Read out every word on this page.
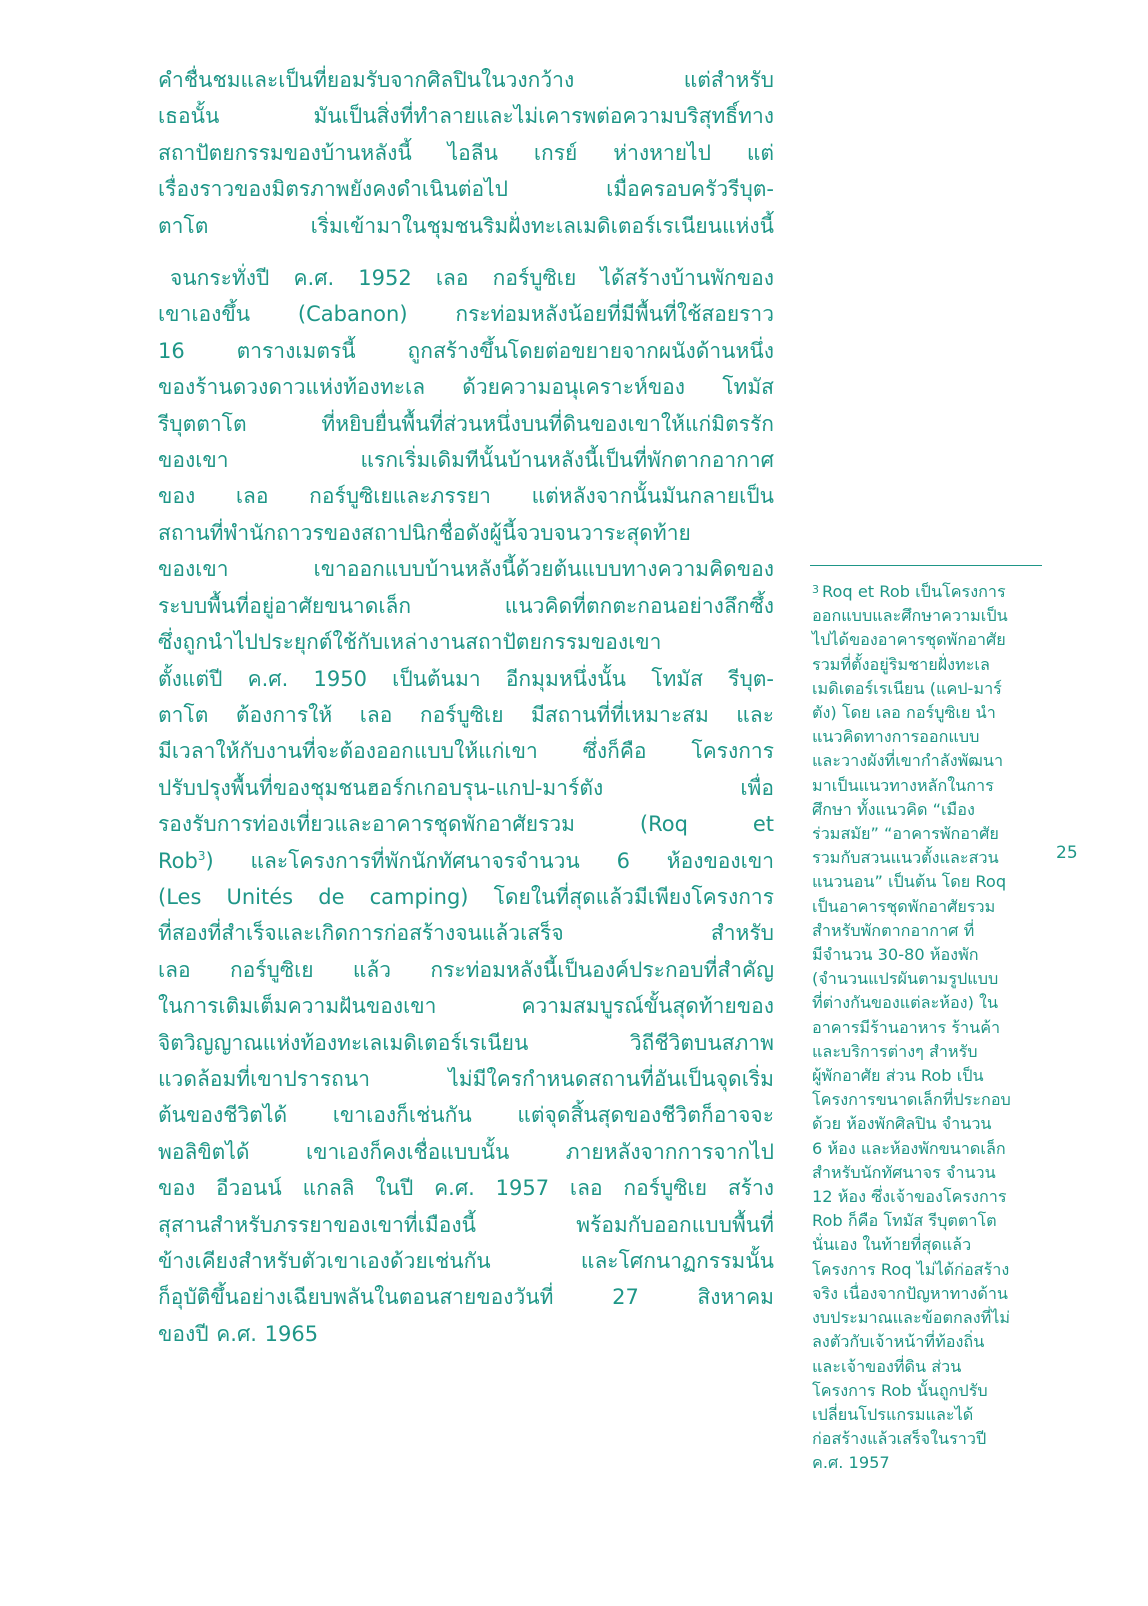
คำชื่นชมและเป็นที่ยอมรับจากศิลปินในวงกว้าง แต่สำหรับ
เธอนั้น มันเป็นสิ่งที่ทำลายและไม่เคารพต่อความบริสุทธิ์ทาง
สถาปัตยกรรมของบ้านหลังนี้ ไอลีน เกรย์ ห่างหายไป แต่
เรื่องราวของมิตรภาพยังคงดำเนินต่อไป เมื่อครอบครัวรีบุต-
ตาโต เริ่มเข้ามาในชุมชนริมฝั่งทะเลเมดิเตอร์เรเนียนแห่งนี้

จนกระทั่งปี ค.ศ. 1952 เลอ กอร์บูซิเย ได้สร้างบ้านพักของ
เขาเองขึ้น (Cabanon) กระท่อมหลังน้อยที่มีพื้นที่ใช้สอยราว
16 ตารางเมตรนี้ ถูกสร้างขึ้นโดยต่อขยายจากผนังด้านหนึ่ง
ของร้านดวงดาวแห่งท้องทะเล ด้วยความอนุเคราะห์ของ โทมัส
รีบุตตาโต ที่หยิบยื่นพื้นที่ส่วนหนึ่งบนที่ดินของเขาให้แก่มิตรรัก
ของเขา แรกเริ่มเดิมทีนั้นบ้านหลังนี้เป็นที่พักตากอากาศ
ของ เลอ กอร์บูซิเยและภรรยา แต่หลังจากนั้นมันกลายเป็น
สถานที่พำนักถาวรของสถาปนิกชื่อดังผู้นี้จวบจนวาระสุดท้าย
ของเขา เขาออกแบบบ้านหลังนี้ด้วยต้นแบบทางความคิดของ
ระบบพื้นที่อยู่อาศัยขนาดเล็ก แนวคิดที่ตกตะกอนอย่างลึกซึ้ง
ซึ่งถูกนำไปประยุกต์ใช้กับเหล่างานสถาปัตยกรรมของเขา
ตั้งแต่ปี ค.ศ. 1950 เป็นต้นมา อีกมุมหนึ่งนั้น โทมัส รีบุต-
ตาโต ต้องการให้ เลอ กอร์บูซิเย มีสถานที่ที่เหมาะสม และ
มีเวลาให้กับงานที่จะต้องออกแบบให้แก่เขา ซึ่งก็คือ โครงการ
ปรับปรุงพื้นที่ของชุมชนฮอร์กเกอบรุน-แกป-มาร์ตัง เพื่อ
รองรับการท่องเที่ยวและอาคารชุดพักอาศัยรวม (Roq et
Rob$^3$) และโครงการที่พักนักทัศนาจรจำนวน 6 ห้องของเขา
(Les Unités de camping) โดยในที่สุดแล้วมีเพียงโครงการ
ที่สองที่สำเร็จและเกิดการก่อสร้างจนแล้วเสร็จ สำหรับ
เลอ กอร์บูซิเย แล้ว กระท่อมหลังนี้เป็นองค์ประกอบที่สำคัญ
ในการเติมเต็มความฝันของเขา ความสมบูรณ์ขั้นสุดท้ายของ
จิตวิญญาณแห่งท้องทะเลเมดิเตอร์เรเนียน วิถีชีวิตบนสภาพ
แวดล้อมที่เขาปรารถนา ไม่มีใครกำหนดสถานที่อันเป็นจุดเริ่ม
ต้นของชีวิตได้ เขาเองก็เช่นกัน แต่จุดสิ้นสุดของชีวิตก็อาจจะ
พอลิขิตได้ เขาเองก็คงเชื่อแบบนั้น ภายหลังจากการจากไป
ของ อีวอนน์ แกลลิ ในปี ค.ศ. 1957 เลอ กอร์บูซิเย สร้าง
สุสานสำหรับภรรยาของเขาที่เมืองนี้ พร้อมกับออกแบบพื้นที่
ข้างเคียงสำหรับตัวเขาเองด้วยเช่นกัน และโศกนาฏกรรมนั้น
ก็อุบัติขึ้นอย่างเฉียบพลันในตอนสายของวันที่ 27 สิงหาคม
ของปี ค.ศ. 1965

$^3$ Roq et Rob เป็นโครงการ
ออกแบบและศึกษาความเป็น
ไปได้ของอาคารชุดพักอาศัย
รวมที่ตั้งอยู่ริมชายฝั่งทะเล
เมดิเตอร์เรเนียน (แคป-มาร์
ตัง) โดย เลอ กอร์บูซิเย นำ
แนวคิดทางการออกแบบ
และวางผังที่เขากำลังพัฒนา
มาเป็นแนวทางหลักในการ
ศึกษา ทั้งแนวคิด “เมือง
ร่วมสมัย” “อาคารพักอาศัย
รวมกับสวนแนวตั้งและสวน
แนวนอน” เป็นต้น โดย Roq
เป็นอาคารชุดพักอาศัยรวม
สำหรับพักตากอากาศ ที่
มีจำนวน 30-80 ห้องพัก
(จำนวนแปรผันตามรูปแบบ
ที่ต่างกันของแต่ละห้อง) ใน
อาคารมีร้านอาหาร ร้านค้า
และบริการต่างๆ สำหรับ
ผู้พักอาศัย ส่วน Rob เป็น
โครงการขนาดเล็กที่ประกอบ
ด้วย ห้องพักศิลปิน จำนวน
6 ห้อง และห้องพักขนาดเล็ก
สำหรับนักทัศนาจร จำนวน
12 ห้อง ซึ่งเจ้าของโครงการ
Rob ก็คือ โทมัส รีบุตตาโต
นั่นเอง ในท้ายที่สุดแล้ว
โครงการ Roq ไม่ได้ก่อสร้าง
จริง เนื่องจากปัญหาทางด้าน
งบประมาณและข้อตกลงที่ไม่
ลงตัวกับเจ้าหน้าที่ท้องถิ่น
และเจ้าของที่ดิน ส่วน
โครงการ Rob นั้นถูกปรับ
เปลี่ยนโปรแกรมและได้
ก่อสร้างแล้วเสร็จในราวปี
ค.ศ. 1957
25
